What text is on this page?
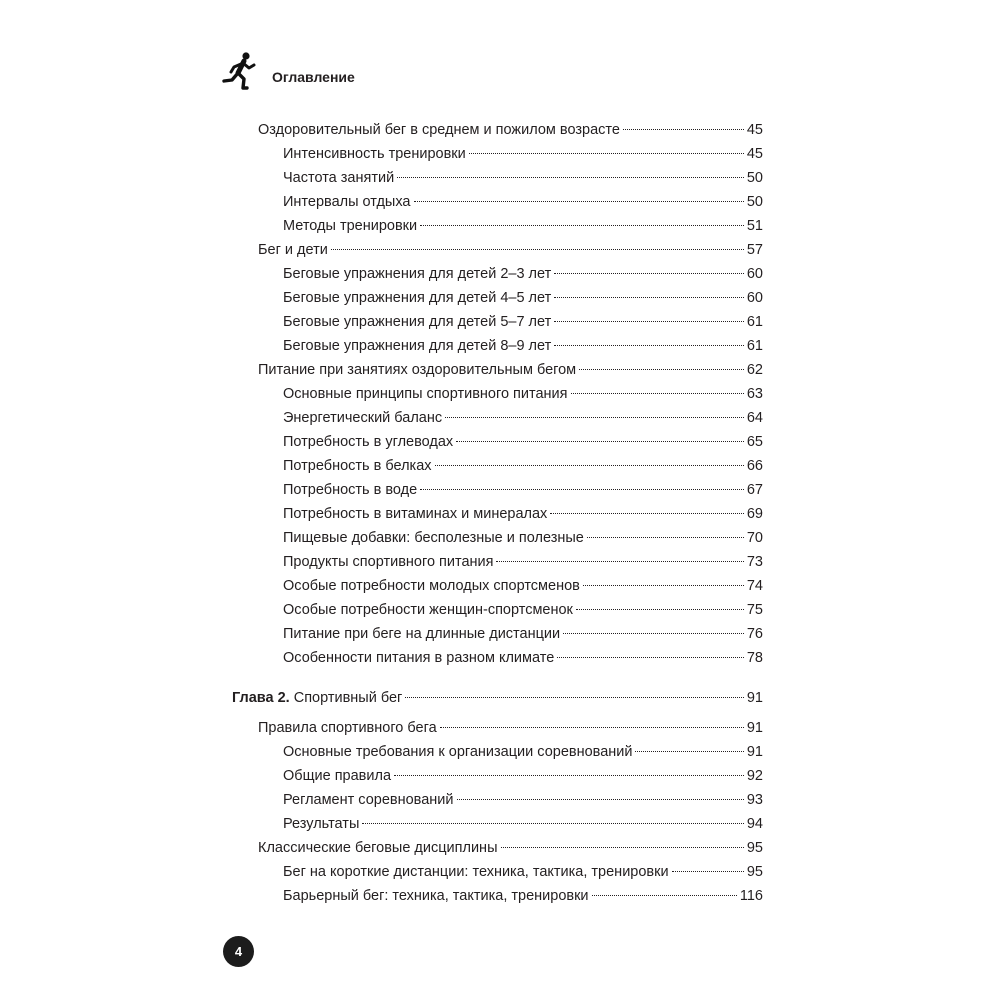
Оглавление
Оздоровительный бег в среднем и пожилом возрасте	45
Интенсивность тренировки	45
Частота занятий	50
Интервалы отдыха	50
Методы тренировки	51
Бег и дети	57
Беговые упражнения для детей 2–3 лет	60
Беговые упражнения для детей 4–5 лет	60
Беговые упражнения для детей 5–7 лет	61
Беговые упражнения для детей 8–9 лет	61
Питание при занятиях оздоровительным бегом	62
Основные принципы спортивного питания	63
Энергетический баланс	64
Потребность в углеводах	65
Потребность в белках	66
Потребность в воде	67
Потребность в витаминах и минералах	69
Пищевые добавки: бесполезные и полезные	70
Продукты спортивного питания	73
Особые потребности молодых спортсменов	74
Особые потребности женщин-спортсменок	75
Питание при беге на длинные дистанции	76
Особенности питания в разном климате	78
Глава 2. Спортивный бег	91
Правила спортивного бега	91
Основные требования к организации соревнований	91
Общие правила	92
Регламент соревнований	93
Результаты	94
Классические беговые дисциплины	95
Бег на короткие дистанции: техника, тактика, тренировки	95
Барьерный бег: техника, тактика, тренировки	116
4
